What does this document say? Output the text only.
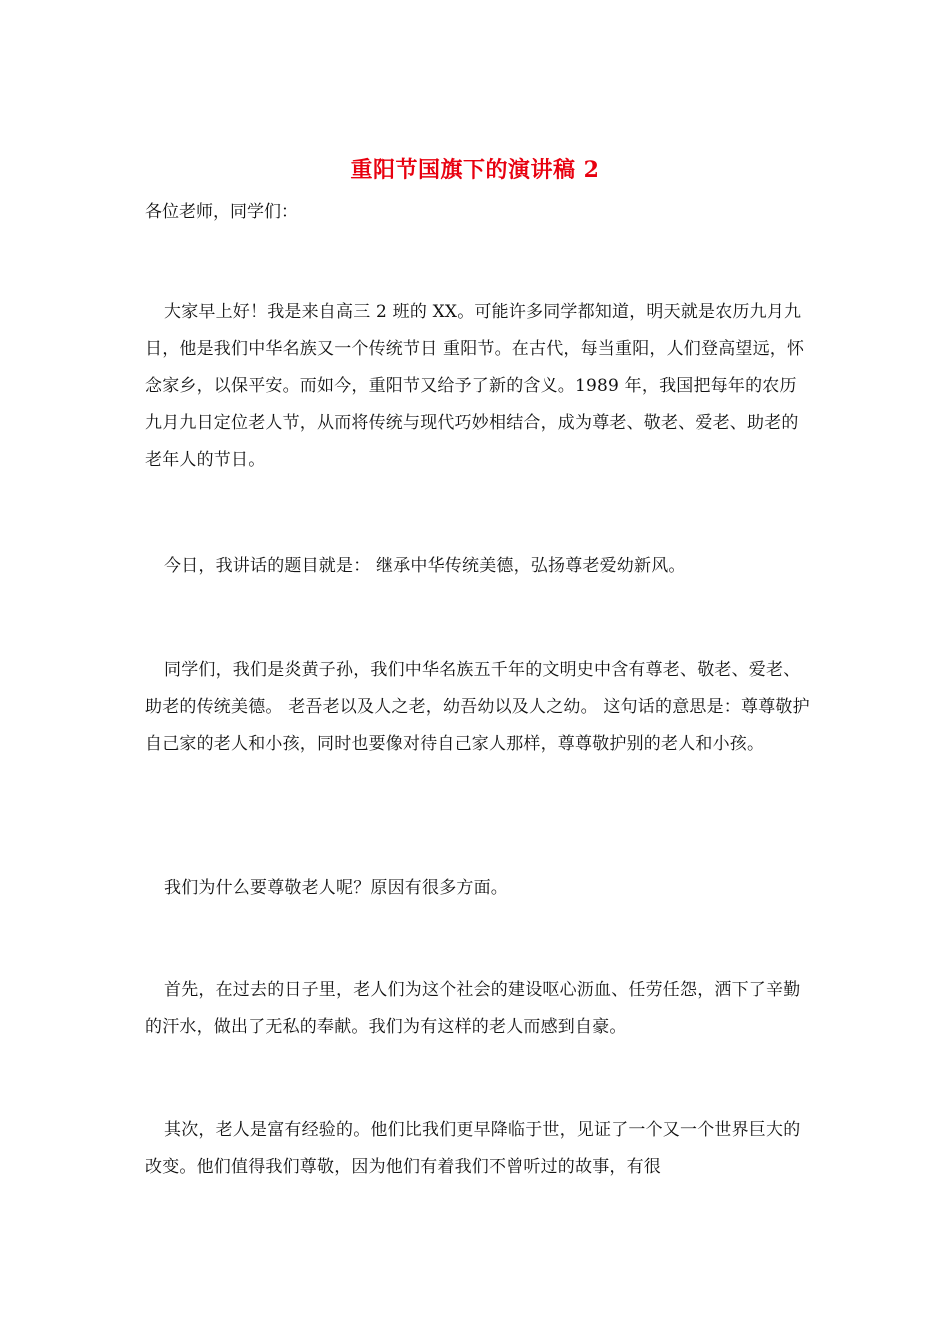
重阳节国旗下的演讲稿 2
各位老师，同学们：

大家早上好！我是来自高三 2 班的 XX。可能许多同学都知道，明天就是农历九月九日，他是我们中华名族又一个传统节日 重阳节。在古代，每当重阳，人们登高望远，怀念家乡，以保平安。而如今，重阳节又给予了新的含义。1989 年，我国把每年的农历九月九日定位老人节，从而将传统与现代巧妙相结合，成为尊老、敬老、爱老、助老的老年人的节日。

今日，我讲话的题目就是： 继承中华传统美德，弘扬尊老爱幼新风。

同学们，我们是炎黄子孙，我们中华名族五千年的文明史中含有尊老、敬老、爱老、助老的传统美德。 老吾老以及人之老，幼吾幼以及人之幼。 这句话的意思是：尊尊敬护自己家的老人和小孩，同时也要像对待自己家人那样，尊尊敬护别的老人和小孩。

我们为什么要尊敬老人呢？原因有很多方面。

首先，在过去的日子里，老人们为这个社会的建设呕心沥血、任劳任怨，洒下了辛勤的汗水，做出了无私的奉献。我们为有这样的老人而感到自豪。

其次，老人是富有经验的。他们比我们更早降临于世，见证了一个又一个世界巨大的改变。他们值得我们尊敬，因为他们有着我们不曾听过的故事，有很
